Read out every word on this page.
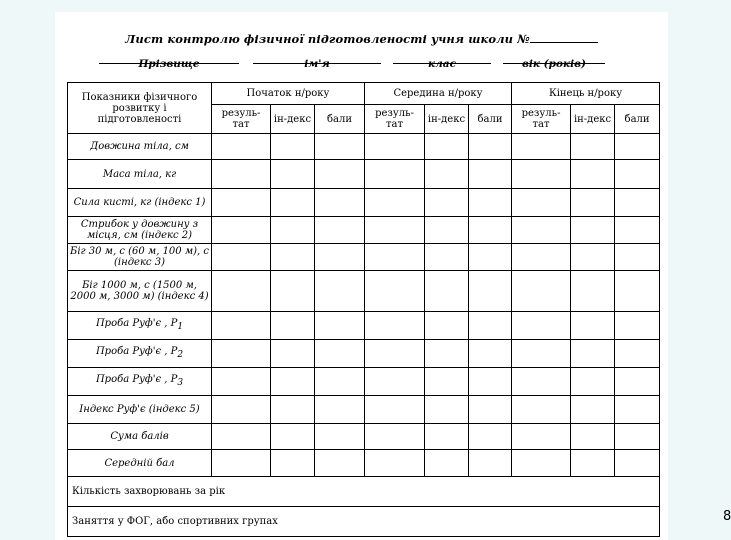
Лист контролю фізичної підготовленості учня школи №
Прізвище	ім'я	клас	вік (років)
Показники фізичного розвитку і підготовленості	Початок н/року			Середина н/року			Кінець н/року		
	резуль-тат	ін-декс	бали	резуль-тат	ін-декс	бали	резуль-тат	ін-декс	бали
Довжина тіла, см									
Маса тіла, кг									
Сила кисті, кг (індекс 1)									
Стрибок у довжину з місця, см (індекс 2)									
Біг 30 м, с (60 м, 100 м), с (індекс 3)									
Біг 1000 м, с (1500 м, 2000 м, 3000 м) (індекс 4)									
Проба Руф'є , $Р_1$									
Проба Руф'є , $Р_2$									
Проба Руф'є , $Р_3$									
Індекс Руф'є (індекс 5)									
Сума балів									
Середній бал									
Кількість захворювань за рік									
Заняття у ФОГ, або спортивних групах										8
